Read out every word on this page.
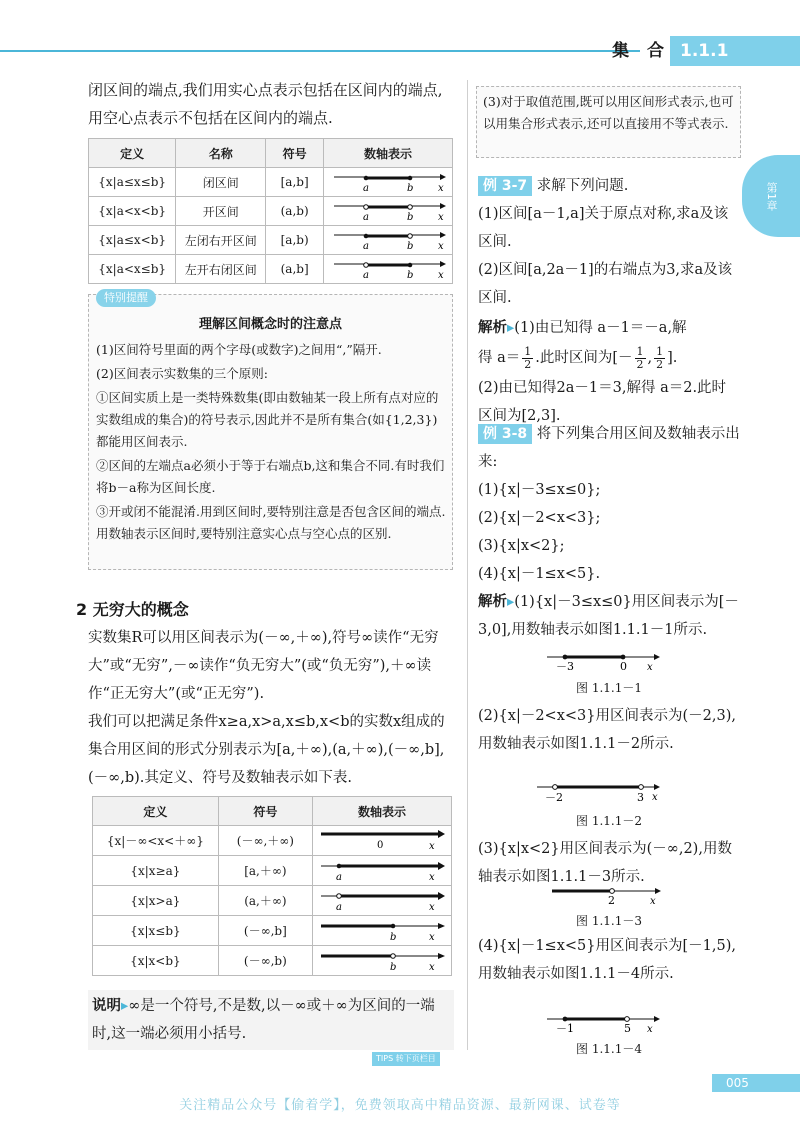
集 合 1.1.1
第1章
闭区间的端点,我们用实心点表示包括在区间内的端点,用空心点表示不包括在区间内的端点.
定义	名称	符号	数轴表示
{x|a≤x≤b}	闭区间	[a,b]	a b x

{x|a<x<b}	开区间	(a,b)	a b x

{x|a≤x<b}	左闭右开区间	[a,b)	a b x

{x|a<x≤b}	左开右闭区间	(a,b]	a b x
特别提醒
理解区间概念时的注意点
(1)区间符号里面的两个字母(或数字)之间用“,”隔开.
(2)区间表示实数集的三个原则:
①区间实质上是一类特殊数集(即由数轴某一段上所有点对应的实数组成的集合)的符号表示,因此并不是所有集合(如{1,2,3})都能用区间表示.
②区间的左端点a必须小于等于右端点b,这和集合不同.有时我们将b－a称为区间长度.
③开或闭不能混淆.用到区间时,要特别注意是否包含区间的端点.用数轴表示区间时,要特别注意实心点与空心点的区别.
2 无穷大的概念
实数集R可以用区间表示为(－∞,＋∞),符号∞读作“无穷大”或“无穷”,－∞读作“负无穷大”(或“负无穷”),＋∞读作“正无穷大”(或“正无穷”).
我们可以把满足条件x≥a,x>a,x≤b,x<b的实数x组成的集合用区间的形式分别表示为[a,＋∞),(a,＋∞),(－∞,b],(－∞,b).其定义、符号及数轴表示如下表.
定义	符号	数轴表示
{x|－∞<x<＋∞}	(－∞,＋∞)	0 x

{x|x≥a}	[a,＋∞)	a x

{x|x>a}	(a,＋∞)	a x

{x|x≤b}	(－∞,b]	b x

{x|x<b}	(－∞,b)	b x
说明▸∞是一个符号,不是数,以－∞或＋∞为区间的一端时,这一端必须用小括号.
TIPS 转下页栏目
(3)对于取值范围,既可以用区间形式表示,也可以用集合形式表示,还可以直接用不等式表示.
例 3-7 求解下列问题.
(1)区间[a－1,a]关于原点对称,求a及该区间.
(2)区间[a,2a－1]的右端点为3,求a及该区间.
解析▸(1)由已知得 a－1＝－a,解
得 a＝ 1
2 .此时区间为[－ 1
2 , 1
2 ].
(2)由已知得2a－1＝3,解得 a＝2.此时区间为[2,3].
例 3-8 将下列集合用区间及数轴表示出来:
(1){x|－3≤x≤0};
(2){x|－2<x<3};
(3){x|x<2};
(4){x|－1≤x<5}.
解析▸(1){x|－3≤x≤0}用区间表示为[－3,0],用数轴表示如图1.1.1－1所示.
－3	0 x
图 1.1.1－1
(2){x|－2<x<3}用区间表示为(－2,3),用数轴表示如图1.1.1－2所示.
－2	3 x
图 1.1.1－2
(3){x|x<2}用区间表示为(－∞,2),用数轴表示如图1.1.1－3所示.
2	x
图 1.1.1－3
(4){x|－1≤x<5}用区间表示为[－1,5),用数轴表示如图1.1.1－4所示.
－1	5 x
图 1.1.1－4
005
关注精品公众号【偷着学】，免费领取高中精品资源、最新网课、试卷等
